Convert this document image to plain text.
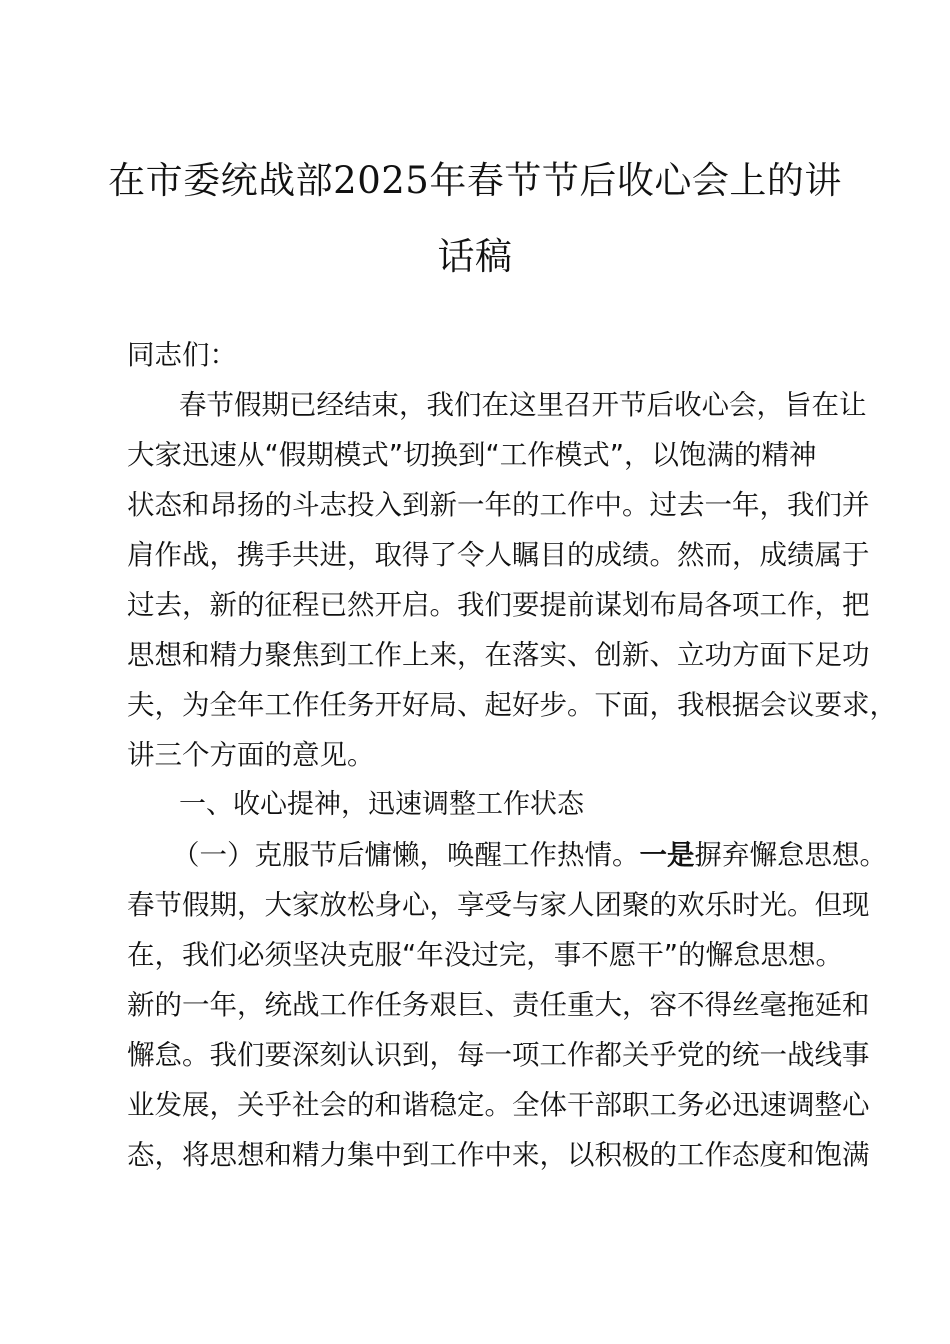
在市委统战部2025年春节节后收心会上的讲
话稿
同志们：
春节假期已经结束，我们在这里召开节后收心会，旨在让
大家迅速从“假期模式”切换到“工作模式”，以饱满的精神
状态和昂扬的斗志投入到新一年的工作中。过去一年，我们并
肩作战，携手共进，取得了令人瞩目的成绩。然而，成绩属于
过去，新的征程已然开启。我们要提前谋划布局各项工作，把
思想和精力聚焦到工作上来，在落实、创新、立功方面下足功
夫，为全年工作任务开好局、起好步。下面，我根据会议要求，
讲三个方面的意见。
一、收心提神，迅速调整工作状态
（一）克服节后慵懒，唤醒工作热情。一是摒弃懈怠思想。
春节假期，大家放松身心，享受与家人团聚的欢乐时光。但现
在，我们必须坚决克服“年没过完，事不愿干”的懈怠思想。
新的一年，统战工作任务艰巨、责任重大，容不得丝毫拖延和
懈怠。我们要深刻认识到，每一项工作都关乎党的统一战线事
业发展，关乎社会的和谐稳定。全体干部职工务必迅速调整心
态，将思想和精力集中到工作中来，以积极的工作态度和饱满
